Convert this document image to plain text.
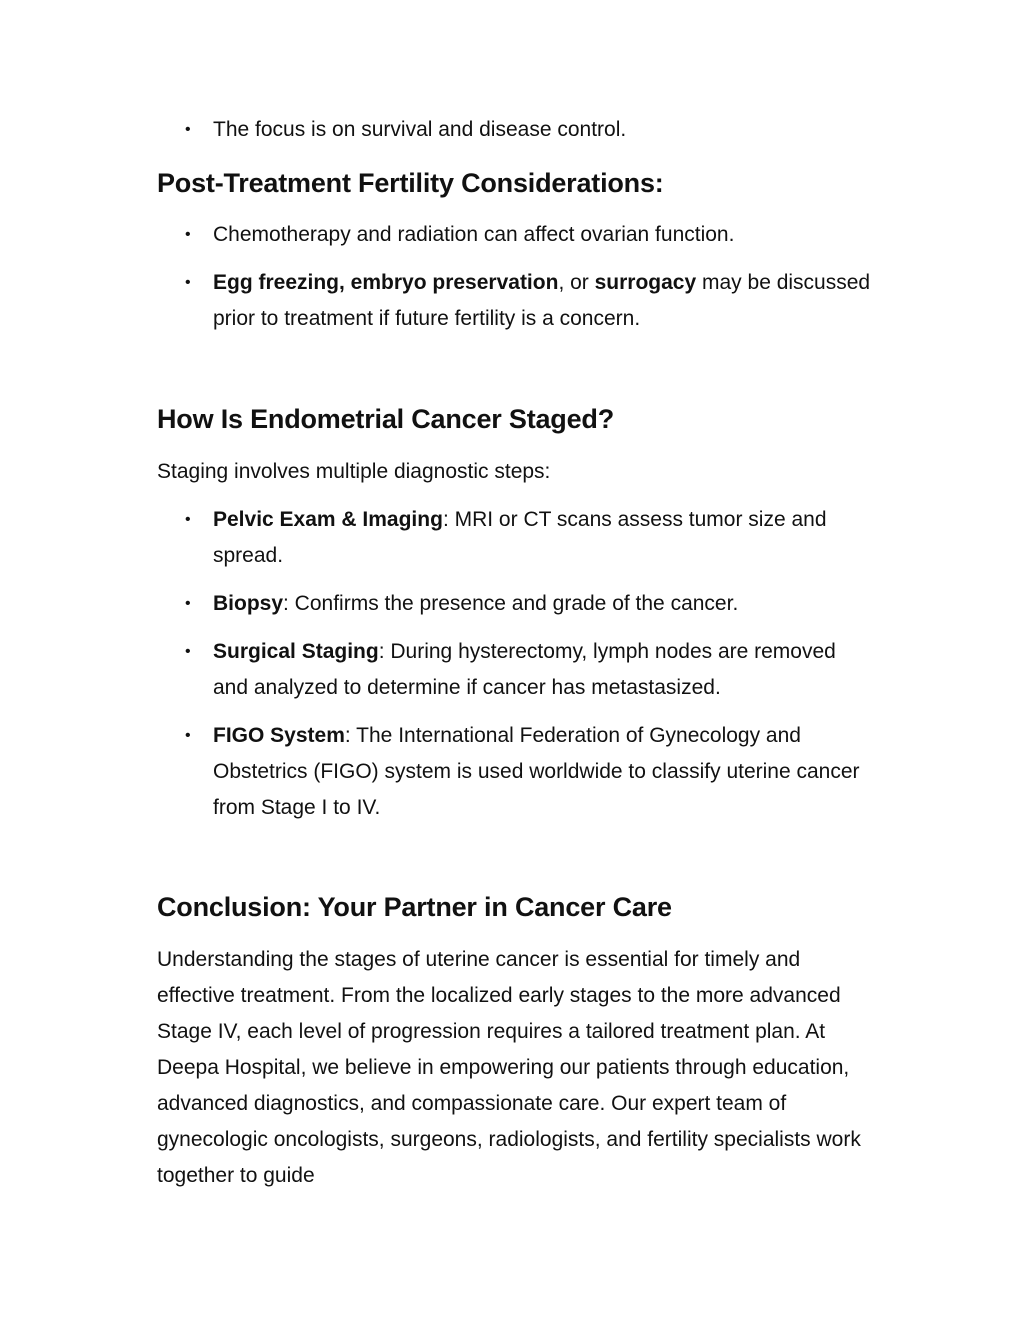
• The focus is on survival and disease control.
Post-Treatment Fertility Considerations:
• Chemotherapy and radiation can affect ovarian function.
• Egg freezing, embryo preservation, or surrogacy may be discussed prior to treatment if future fertility is a concern.
How Is Endometrial Cancer Staged?

Staging involves multiple diagnostic steps:

• Pelvic Exam & Imaging: MRI or CT scans assess tumor size and spread.
• Biopsy: Confirms the presence and grade of the cancer.
• Surgical Staging: During hysterectomy, lymph nodes are removed and analyzed to determine if cancer has metastasized.
• FIGO System: The International Federation of Gynecology and Obstetrics (FIGO) system is used worldwide to classify uterine cancer from Stage I to IV.
Conclusion: Your Partner in Cancer Care

Understanding the stages of uterine cancer is essential for timely and effective treatment. From the localized early stages to the more advanced Stage IV, each level of progression requires a tailored treatment plan. At Deepa Hospital, we believe in empowering our patients through education, advanced diagnostics, and compassionate care. Our expert team of gynecologic oncologists, surgeons, radiologists, and fertility specialists work together to guide
